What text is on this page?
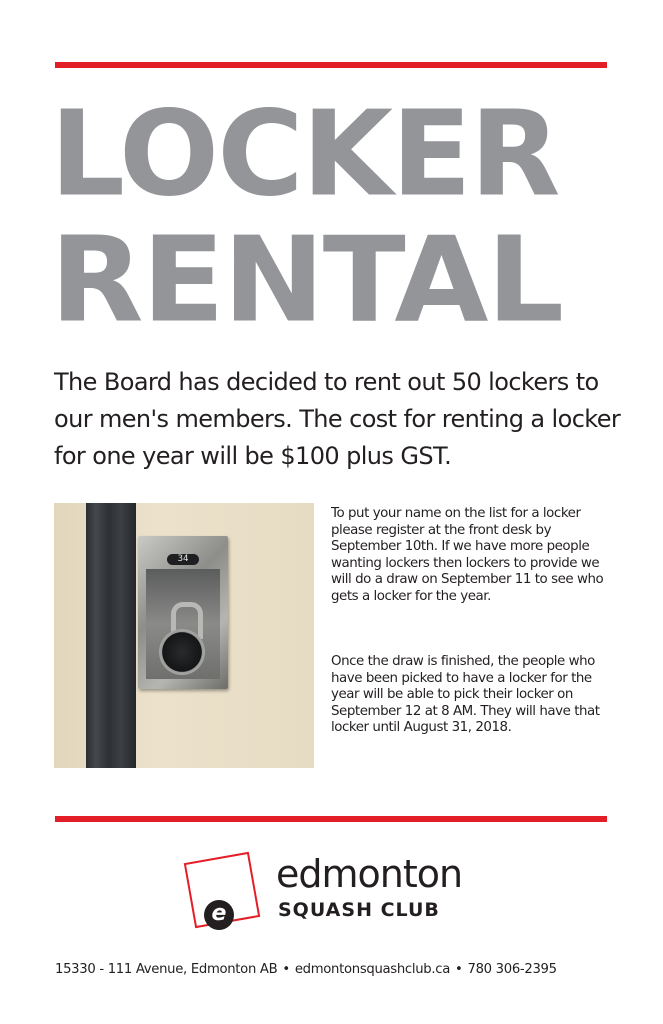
LOCKER
RENTAL
The Board has decided to rent out 50 lockers to our men's members. The cost for renting a locker for one year will be $100 plus GST.
34
To put your name on the list for a locker please register at the front desk by September 10th. If we have more people wanting lockers then lockers to provide we will do a draw on September 11 to see who gets a locker for the year.
Once the draw is finished, the people who have been picked to have a locker for the year will be able to pick their locker on September 12 at 8 AM. They will have that locker until August 31, 2018.
e
edmonton
SQUASH CLUB
15330 - 111 Avenue, Edmonton AB • edmontonsquashclub.ca • 780 306-2395
